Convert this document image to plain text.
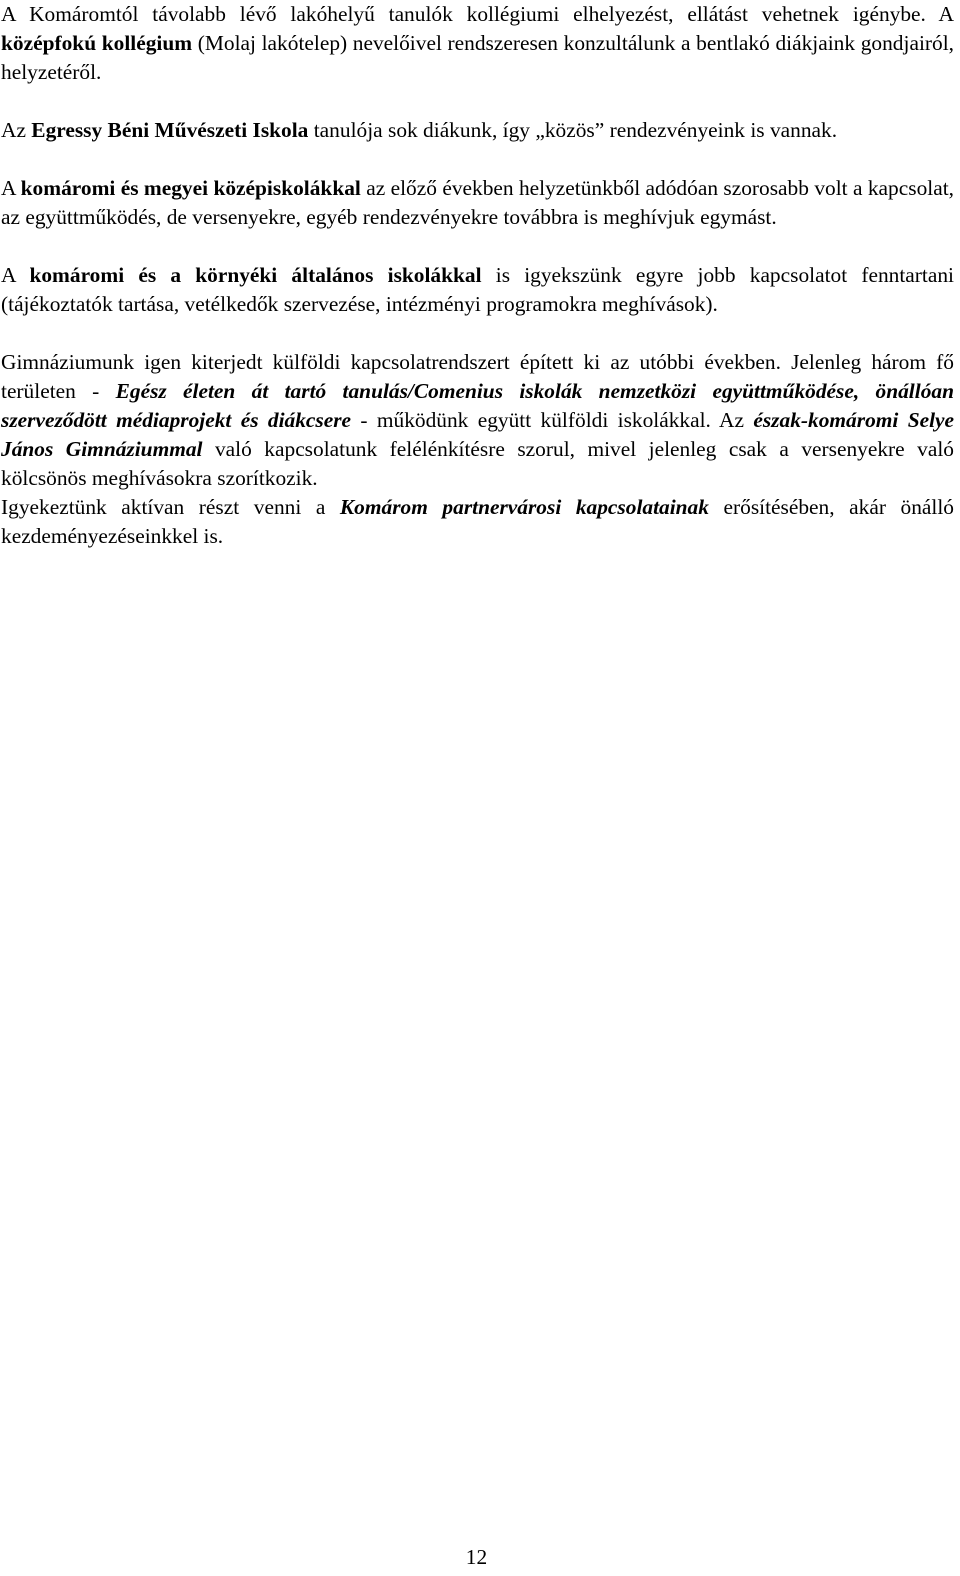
A Komáromtól távolabb lévő lakóhelyű tanulók kollégiumi elhelyezést, ellátást vehetnek igénybe. A középfokú kollégium (Molaj lakótelep) nevelőivel rendszeresen konzultálunk a bentlakó diákjaink gondjairól, helyzetéről.

Az Egressy Béni Művészeti Iskola tanulója sok diákunk, így „közös” rendezvényeink is vannak.

A komáromi és megyei középiskolákkal az előző években helyzetünkből adódóan szorosabb volt a kapcsolat, az együttműködés, de versenyekre, egyéb rendezvényekre továbbra is meghívjuk egymást.

A komáromi és a környéki általános iskolákkal is igyekszünk egyre jobb kapcsolatot fenntartani (tájékoztatók tartása, vetélkedők szervezése, intézményi programokra meghívások).

Gimnáziumunk igen kiterjedt külföldi kapcsolatrendszert épített ki az utóbbi években. Jelenleg három fő területen - Egész életen át tartó tanulás/Comenius iskolák nemzetközi együttműködése, önállóan szerveződött médiaprojekt és diákcsere - működünk együtt külföldi iskolákkal. Az észak-komáromi Selye János Gimnáziummal való kapcsolatunk felélénkítésre szorul, mivel jelenleg csak a versenyekre való kölcsönös meghívásokra szorítkozik.

Igyekeztünk aktívan részt venni a Komárom partnervárosi kapcsolatainak erősítésében, akár önálló kezdeményezéseinkkel is.

12
